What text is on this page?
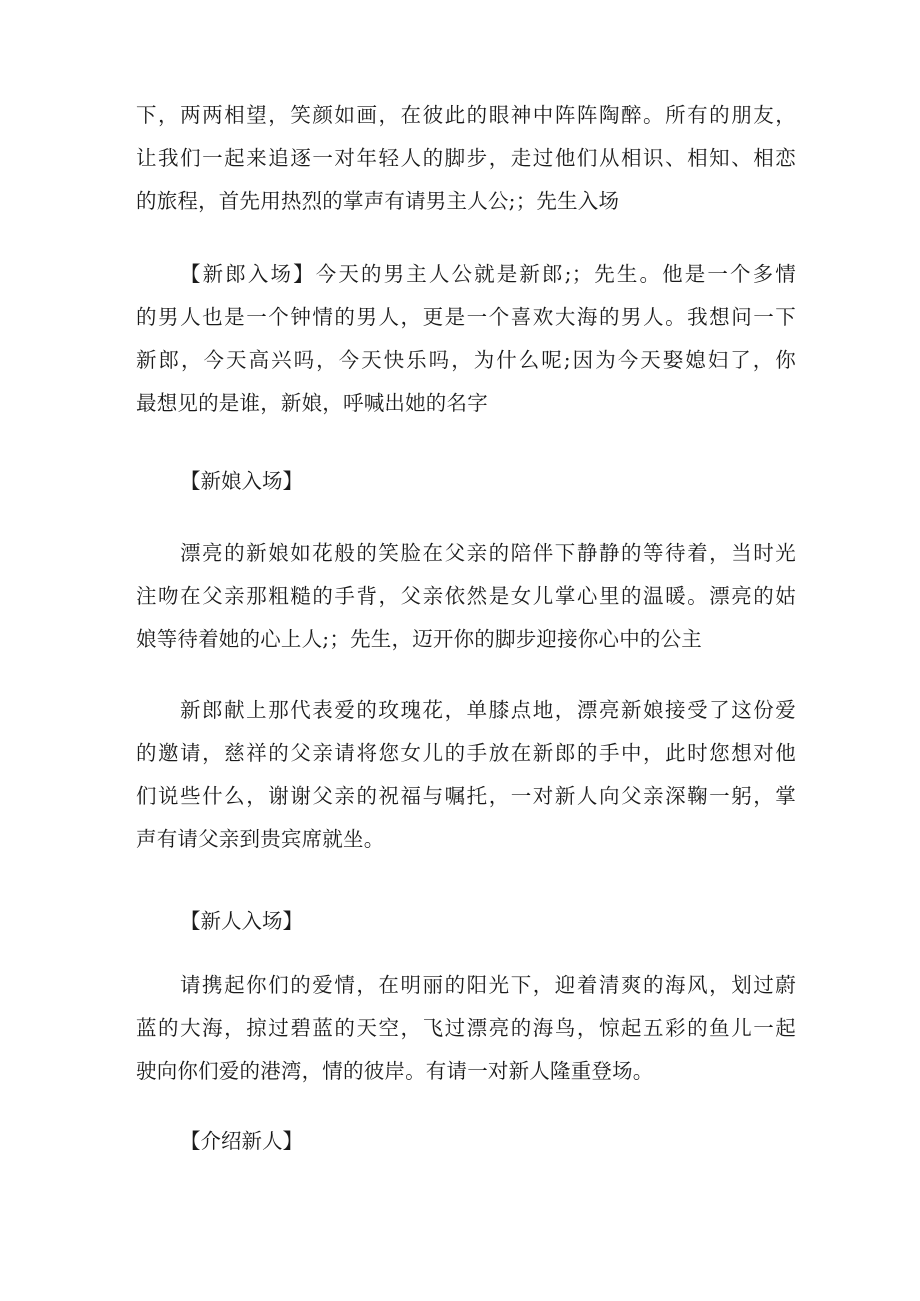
下，两两相望，笑颜如画，在彼此的眼神中阵阵陶醉。所有的朋友，
让我们一起来追逐一对年轻人的脚步，走过他们从相识、相知、相恋
的旅程，首先用热烈的掌声有请男主人公;；先生入场
【新郎入场】今天的男主人公就是新郎;；先生。他是一个多情
的男人也是一个钟情的男人，更是一个喜欢大海的男人。我想问一下
新郎，今天高兴吗，今天快乐吗，为什么呢;因为今天娶媳妇了，你
最想见的是谁，新娘，呼喊出她的名字

【新娘入场】

漂亮的新娘如花般的笑脸在父亲的陪伴下静静的等待着，当时光
注吻在父亲那粗糙的手背，父亲依然是女儿掌心里的温暖。漂亮的姑
娘等待着她的心上人;；先生，迈开你的脚步迎接你心中的公主
新郎献上那代表爱的玫瑰花，单膝点地，漂亮新娘接受了这份爱
的邀请，慈祥的父亲请将您女儿的手放在新郎的手中，此时您想对他
们说些什么，谢谢父亲的祝福与嘱托，一对新人向父亲深鞠一躬，掌
声有请父亲到贵宾席就坐。

【新人入场】

请携起你们的爱情，在明丽的阳光下，迎着清爽的海风，划过蔚
蓝的大海，掠过碧蓝的天空，飞过漂亮的海鸟，惊起五彩的鱼儿一起
驶向你们爱的港湾，情的彼岸。有请一对新人隆重登场。

【介绍新人】
